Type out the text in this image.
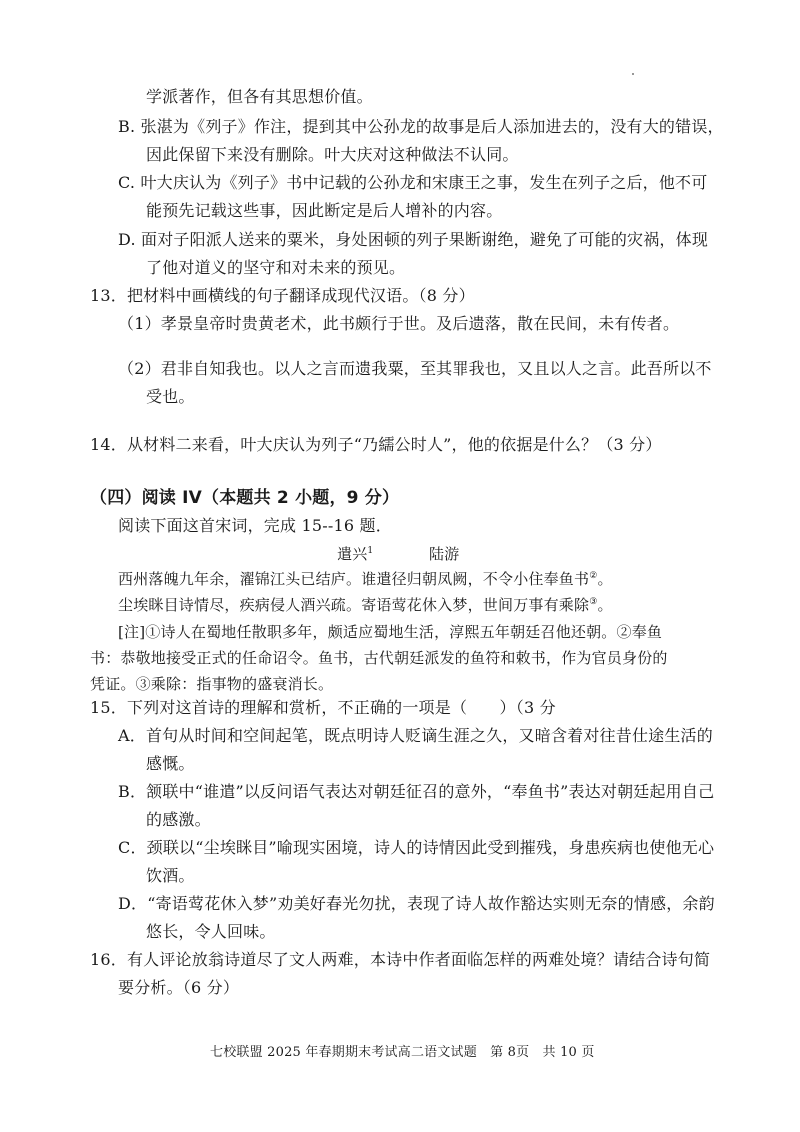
学派著作，但各有其思想价值。
B. 张湛为《列子》作注，提到其中公孙龙的故事是后人添加进去的，没有大的错误，
因此保留下来没有删除。叶大庆对这种做法不认同。
C. 叶大庆认为《列子》书中记载的公孙龙和宋康王之事，发生在列子之后，他不可
能预先记载这些事，因此断定是后人增补的内容。
D. 面对子阳派人送来的粟米，身处困顿的列子果断谢绝，避免了可能的灾祸，体现
了他对道义的坚守和对未来的预见。
13．把材料中画横线的句子翻译成现代汉语。（8 分）
（1）孝景皇帝时贵黄老术，此书颇行于世。及后遗落，散在民间，未有传者。
（2）君非自知我也。以人之言而遗我粟，至其罪我也，又且以人之言。此吾所以不
受也。
14．从材料二来看，叶大庆认为列子“乃繻公时人”，他的依据是什么？（3 分）
（四）阅读 IV（本题共 2 小题，9 分）
阅读下面这首宋词，完成 15--16 题．
遣兴$^1$	陆游
西州落魄九年余，濯锦江头已结庐。谁遣径归朝凤阙，不令小住奉鱼书②。
尘埃眯目诗情尽，疾病侵人酒兴疏。寄语莺花休入梦，世间万事有乘除③。
[注]①诗人在蜀地任散职多年，颇适应蜀地生活，淳熙五年朝廷召他还朝。②奉鱼
书：恭敬地接受正式的任命诏令。鱼书，古代朝廷派发的鱼符和敕书，作为官员身份的
凭证。③乘除：指事物的盛衰消长。
15．下列对这首诗的理解和赏析，不正确的一项是（　　）（3 分
A．首句从时间和空间起笔，既点明诗人贬谪生涯之久，又暗含着对往昔仕途生活的
感慨。
B．颔联中“谁遣”以反问语气表达对朝廷征召的意外，“奉鱼书”表达对朝廷起用自己
的感激。
C．颈联以“尘埃眯目”喻现实困境，诗人的诗情因此受到摧残，身患疾病也使他无心
饮酒。
D．“寄语莺花休入梦”劝美好春光勿扰，表现了诗人故作豁达实则无奈的情感，余韵
悠长，令人回味。
16．有人评论放翁诗道尽了文人两难，本诗中作者面临怎样的两难处境？请结合诗句简
要分析。（6 分）
七校联盟 2025 年春期期末考试高二语文试题　第 8页　共 10 页
